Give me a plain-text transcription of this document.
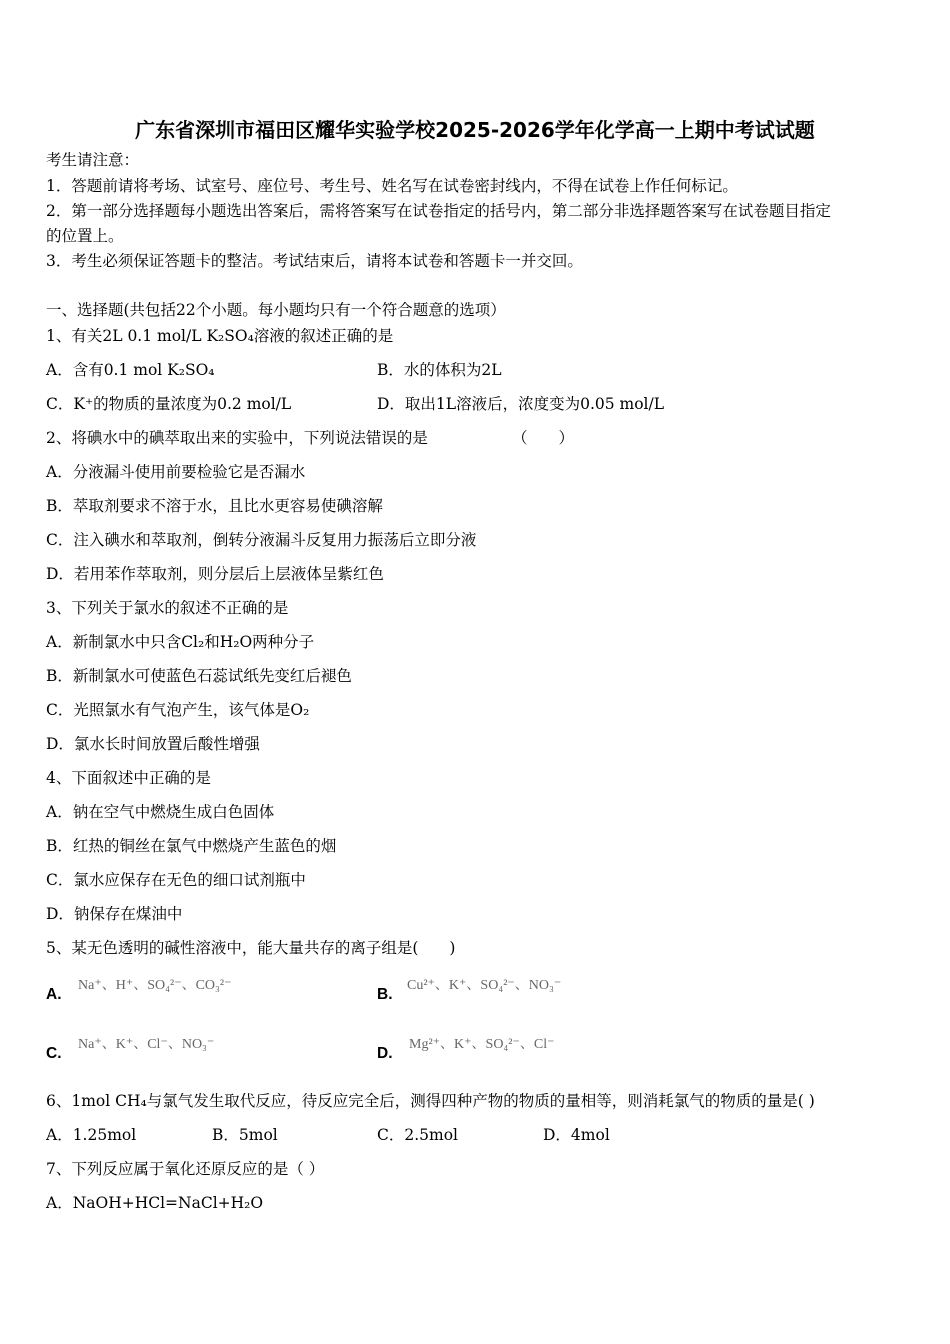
广东省深圳市福田区耀华实验学校2025-2026学年化学高一上期中考试试题
考生请注意：
1．答题前请将考场、试室号、座位号、考生号、姓名写在试卷密封线内，不得在试卷上作任何标记。
2．第一部分选择题每小题选出答案后，需将答案写在试卷指定的括号内，第二部分非选择题答案写在试卷题目指定
的位置上。
3．考生必须保证答题卡的整洁。考试结束后，请将本试卷和答题卡一并交回。
一、选择题(共包括22个小题。每小题均只有一个符合题意的选项）
1、有关2L 0.1 mol/L K₂SO₄溶液的叙述正确的是
A．含有0.1 mol K₂SO₄	B．水的体积为2L
C．K⁺的物质的量浓度为0.2 mol/L	D．取出1L溶液后，浓度变为0.05 mol/L
2、将碘水中的碘萃取出来的实验中，下列说法错误的是	（　　）
A．分液漏斗使用前要检验它是否漏水
B．萃取剂要求不溶于水，且比水更容易使碘溶解
C．注入碘水和萃取剂，倒转分液漏斗反复用力振荡后立即分液
D．若用苯作萃取剂，则分层后上层液体呈紫红色
3、下列关于氯水的叙述不正确的是
A．新制氯水中只含Cl₂和H₂O两种分子
B．新制氯水可使蓝色石蕊试纸先变红后褪色
C．光照氯水有气泡产生，该气体是O₂
D．氯水长时间放置后酸性增强
4、下面叙述中正确的是
A．钠在空气中燃烧生成白色固体
B．红热的铜丝在氯气中燃烧产生蓝色的烟
C．氯水应保存在无色的细口试剂瓶中
D．钠保存在煤油中
5、某无色透明的碱性溶液中，能大量共存的离子组是(　　)
A.
Na⁺、H⁺、SO₄²⁻、CO₃²⁻
B.
Cu²⁺、K⁺、SO₄²⁻、NO₃⁻
C.
Na⁺、K⁺、Cl⁻、NO₃⁻
D.
Mg²⁺、K⁺、SO₄²⁻、Cl⁻
6、1mol CH₄与氯气发生取代反应，待反应完全后，测得四种产物的物质的量相等，则消耗氯气的物质的量是( )
A．1.25mol	B．5mol	C．2.5mol	D．4mol
7、下列反应属于氧化还原反应的是（ ）
A．NaOH+HCl=NaCl+H₂O
